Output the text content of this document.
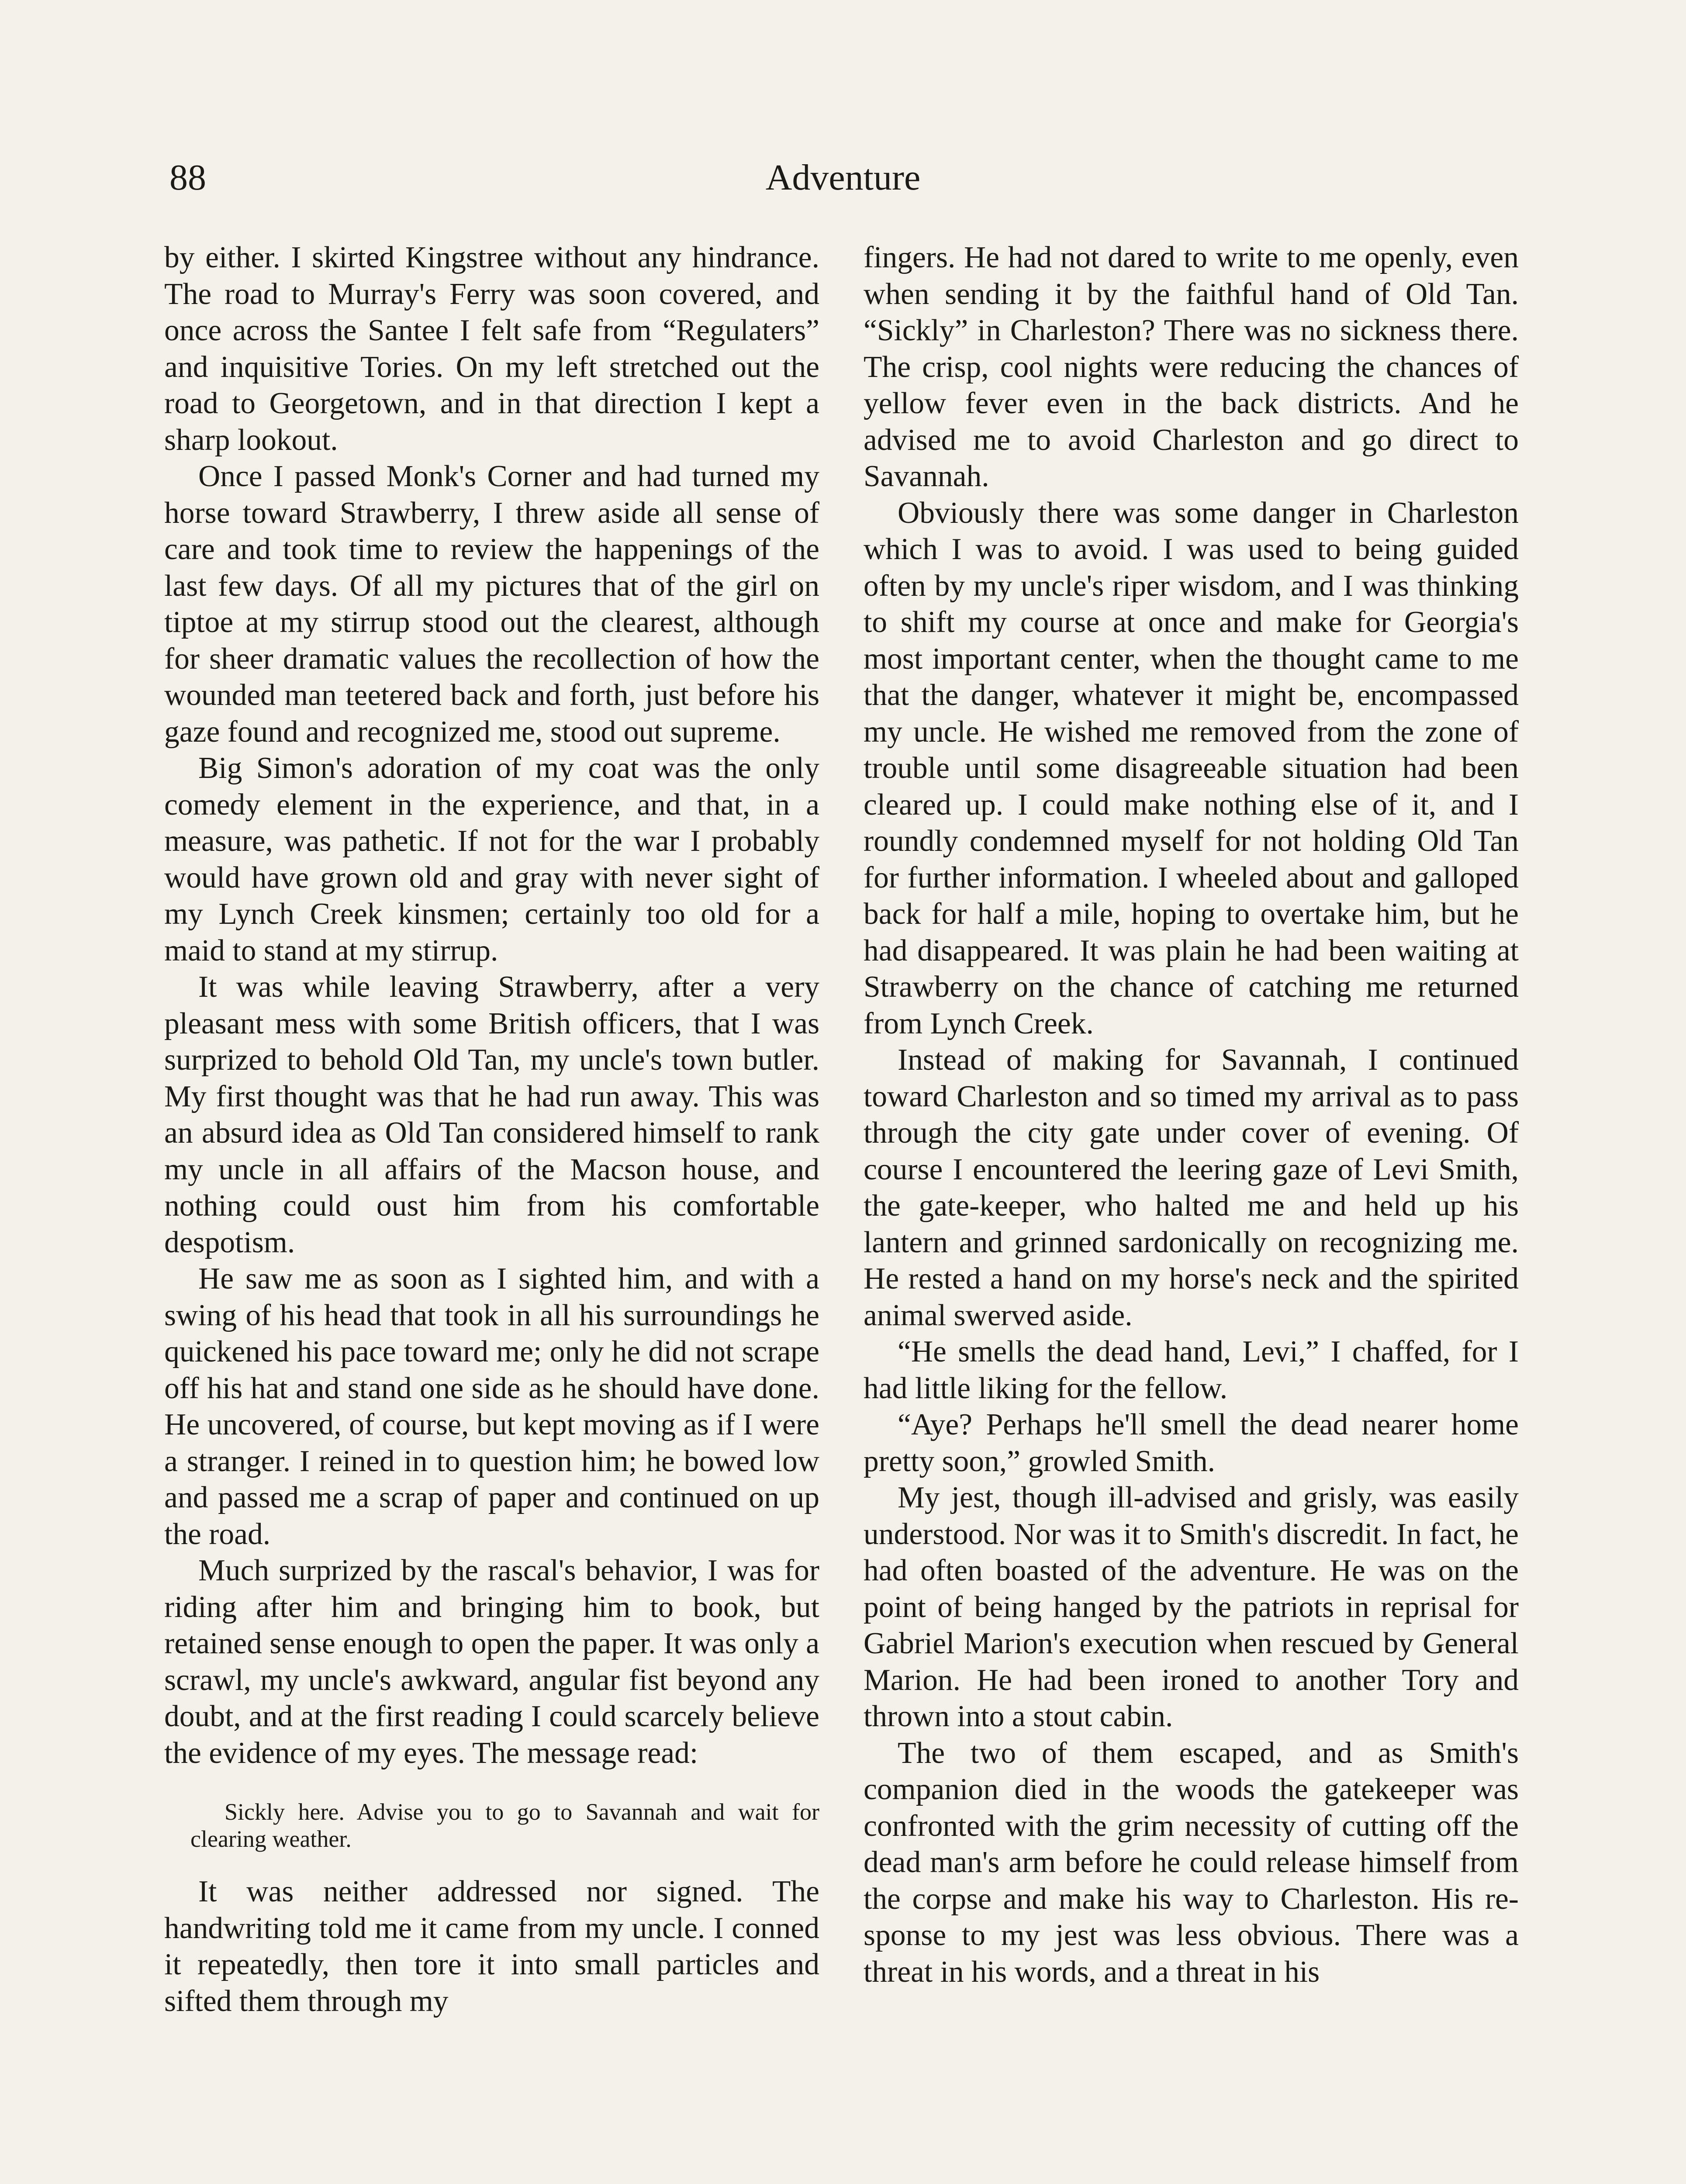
88	Adventure

by either. I skirted Kingstree without any hindrance. The road to Murray's Ferry was soon covered, and once across the Santee I felt safe from “Regulaters” and inquisitive Tories. On my left stretched out the road to Georgetown, and in that direction I kept a sharp lookout.

Once I passed Monk's Corner and had turned my horse toward Strawberry, I threw aside all sense of care and took time to review the happenings of the last few days. Of all my pictures that of the girl on tiptoe at my stirrup stood out the clearest, although for sheer dramatic values the recollection of how the wounded man teetered back and forth, just before his gaze found and recognized me, stood out supreme.

Big Simon's adoration of my coat was the only comedy element in the experience, and that, in a measure, was pathetic. If not for the war I probably would have grown old and gray with never sight of my Lynch Creek kinsmen; certainly too old for a maid to stand at my stirrup.

It was while leaving Strawberry, after a very pleasant mess with some British officers, that I was surprized to behold Old Tan, my uncle's town butler. My first thought was that he had run away. This was an absurd idea as Old Tan considered himself to rank my uncle in all affairs of the Macson house, and nothing could oust him from his comfortable despotism.

He saw me as soon as I sighted him, and with a swing of his head that took in all his surroundings he quickened his pace toward me; only he did not scrape off his hat and stand one side as he should have done. He uncovered, of course, but kept moving as if I were a stranger. I reined in to question him; he bowed low and passed me a scrap of paper and continued on up the road.

Much surprized by the rascal's behavior, I was for riding after him and bringing him to book, but retained sense enough to open the paper. It was only a scrawl, my uncle's awkward, angular fist beyond any doubt, and at the first reading I could scarcely believe the evidence of my eyes. The message read:

Sickly here. Advise you to go to Savannah and wait for clearing weather.

It was neither addressed nor signed. The handwriting told me it came from my uncle. I conned it repeatedly, then tore it into small particles and sifted them through my

fingers. He had not dared to write to me openly, even when sending it by the faithful hand of Old Tan. “Sickly” in Charleston? There was no sickness there. The crisp, cool nights were reducing the chances of yellow fever even in the back districts. And he advised me to avoid Charleston and go direct to Savannah.

Obviously there was some danger in Charleston which I was to avoid. I was used to being guided often by my uncle's riper wisdom, and I was thinking to shift my course at once and make for Georgia's most important center, when the thought came to me that the danger, whatever it might be, encompassed my uncle. He wished me removed from the zone of trouble until some disagreeable situation had been cleared up. I could make nothing else of it, and I roundly condemned myself for not holding Old Tan for further information. I wheeled about and galloped back for half a mile, hoping to overtake him, but he had disappeared. It was plain he had been waiting at Strawberry on the chance of catching me returned from Lynch Creek.

Instead of making for Savannah, I continued toward Charleston and so timed my arrival as to pass through the city gate under cover of evening. Of course I encountered the leering gaze of Levi Smith, the gate-keeper, who halted me and held up his lantern and grinned sardonically on recognizing me. He rested a hand on my horse's neck and the spirited animal swerved aside.

“He smells the dead hand, Levi,” I chaffed, for I had little liking for the fellow.

“Aye? Perhaps he'll smell the dead nearer home pretty soon,” growled Smith.

My jest, though ill-advised and grisly, was easily understood. Nor was it to Smith's discredit. In fact, he had often boasted of the adventure. He was on the point of being hanged by the patriots in reprisal for Gabriel Marion's execution when rescued by General Marion. He had been ironed to another Tory and thrown into a stout cabin.

The two of them escaped, and as Smith's companion died in the woods the gatekeeper was confronted with the grim necessity of cutting off the dead man's arm before he could release himself from the corpse and make his way to Charleston. His response to my jest was less obvious. There was a threat in his words, and a threat in his
